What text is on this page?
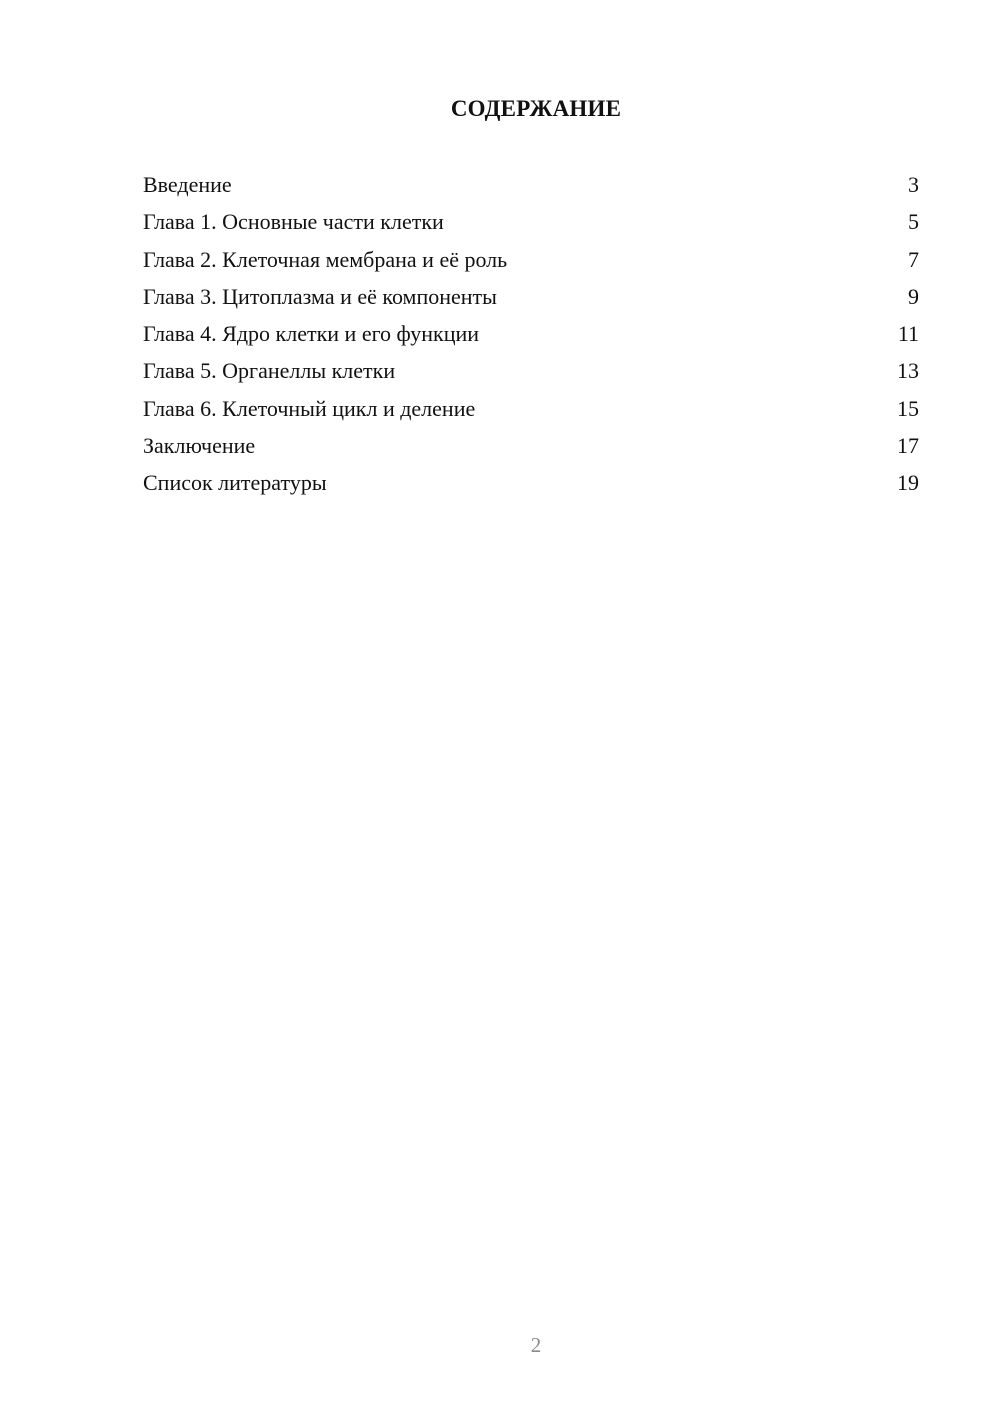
СОДЕРЖАНИЕ
Введение	3
Глава 1. Основные части клетки	5
Глава 2. Клеточная мембрана и её роль	7
Глава 3. Цитоплазма и её компоненты	9
Глава 4. Ядро клетки и его функции	11
Глава 5. Органеллы клетки	13
Глава 6. Клеточный цикл и деление	15
Заключение	17
Список литературы	19
2
